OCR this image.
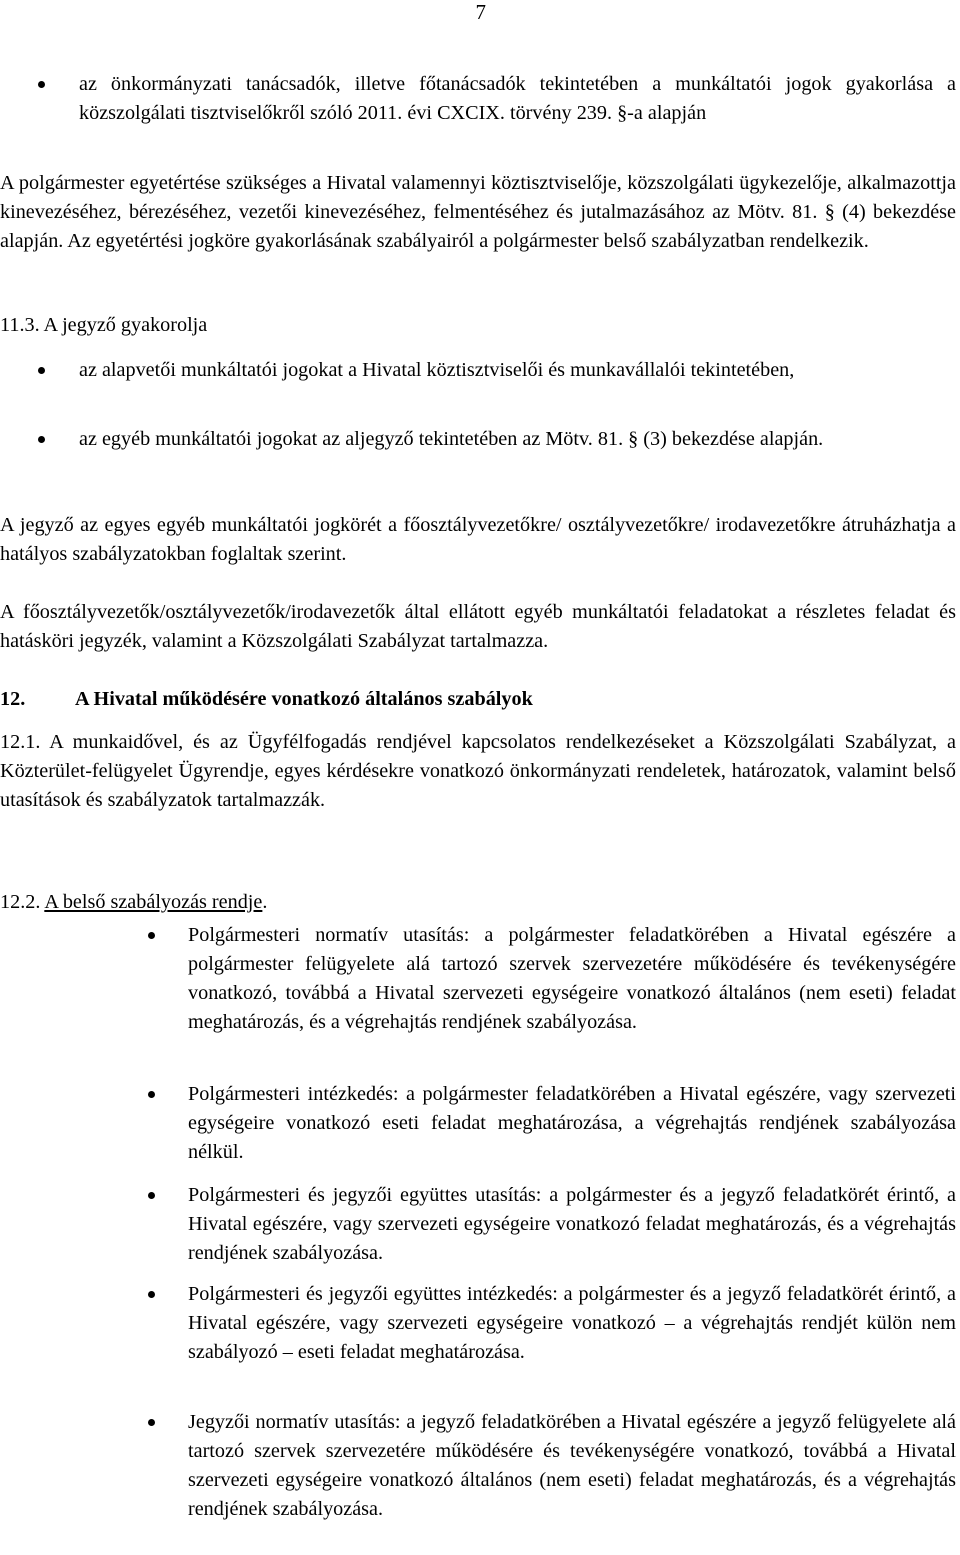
7

az önkormányzati tanácsadók, illetve főtanácsadók tekintetében a munkáltatói jogok gyakorlása a közszolgálati tisztviselőkről szóló 2011. évi CXCIX. törvény 239. §-a alapján

A polgármester egyetértése szükséges a Hivatal valamennyi köztisztviselője, közszolgálati ügykezelője, alkalmazottja kinevezéséhez, bérezéséhez, vezetői kinevezéséhez, felmentéséhez és jutalmazásához az Mötv. 81. § (4) bekezdése alapján. Az egyetértési jogköre gyakorlásának szabályairól a polgármester belső szabályzatban rendelkezik.

11.3. A jegyző gyakorolja

az alapvetői munkáltatói jogokat a Hivatal köztisztviselői és munkavállalói tekintetében,

az egyéb munkáltatói jogokat az aljegyző tekintetében az Mötv. 81. § (3) bekezdése alapján.

A jegyző az egyes egyéb munkáltatói jogkörét a főosztályvezetőkre/ osztályvezetőkre/ irodavezetőkre átruházhatja a hatályos szabályzatokban foglaltak szerint.

A főosztályvezetők/osztályvezetők/irodavezetők által ellátott egyéb munkáltatói feladatokat a részletes feladat és hatásköri jegyzék, valamint a Közszolgálati Szabályzat tartalmazza.

12.	A Hivatal működésére vonatkozó általános szabályok

12.1. A munkaidővel, és az Ügyfélfogadás rendjével kapcsolatos rendelkezéseket a Közszolgálati Szabályzat, a Közterület-felügyelet Ügyrendje, egyes kérdésekre vonatkozó önkormányzati rendeletek, határozatok, valamint belső utasítások és szabályzatok tartalmazzák.

12.2. A belső szabályozás rendje.

Polgármesteri normatív utasítás: a polgármester feladatkörében a Hivatal egészére a polgármester felügyelete alá tartozó szervek szervezetére működésére és tevékenységére vonatkozó, továbbá a Hivatal szervezeti egységeire vonatkozó általános (nem eseti) feladat meghatározás, és a végrehajtás rendjének szabályozása.

Polgármesteri intézkedés: a polgármester feladatkörében a Hivatal egészére, vagy szervezeti egységeire vonatkozó eseti feladat meghatározása, a végrehajtás rendjének szabályozása nélkül.

Polgármesteri és jegyzői együttes utasítás: a polgármester és a jegyző feladatkörét érintő, a Hivatal egészére, vagy szervezeti egységeire vonatkozó feladat meghatározás, és a végrehajtás rendjének szabályozása.

Polgármesteri és jegyzői együttes intézkedés: a polgármester és a jegyző feladatkörét érintő, a Hivatal egészére, vagy szervezeti egységeire vonatkozó – a végrehajtás rendjét külön nem szabályozó – eseti feladat meghatározása.

Jegyzői normatív utasítás: a jegyző feladatkörében a Hivatal egészére a jegyző felügyelete alá tartozó szervek szervezetére működésére és tevékenységére vonatkozó, továbbá a Hivatal szervezeti egységeire vonatkozó általános (nem eseti) feladat meghatározás, és a végrehajtás rendjének szabályozása.
